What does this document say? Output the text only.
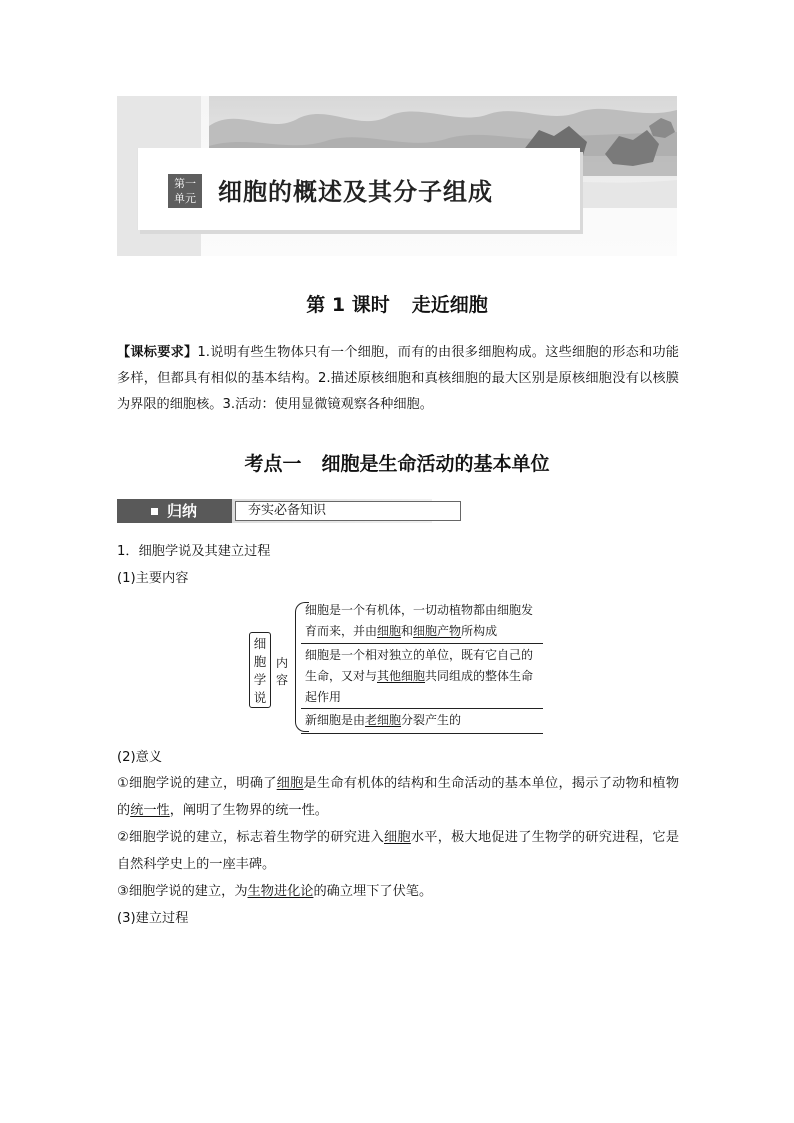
第一
单元 细胞的概述及其分子组成
第 1 课时 走近细胞
【课标要求】1.说明有些生物体只有一个细胞，而有的由很多细胞构成。这些细胞的形态和功能多样，但都具有相似的基本结构。2.描述原核细胞和真核细胞的最大区别是原核细胞没有以核膜为界限的细胞核。3.活动：使用显微镜观察各种细胞。
考点一 细胞是生命活动的基本单位
归纳	夯实必备知识
1．细胞学说及其建立过程
(1)主要内容
细
胞
学
说
内容
细胞是一个有机体，一切动植物都由细胞发育而来，并由细胞和细胞产物所构成
细胞是一个相对独立的单位，既有它自己的生命，又对与其他细胞共同组成的整体生命起作用
新细胞是由老细胞分裂产生的
(2)意义
①细胞学说的建立，明确了细胞是生命有机体的结构和生命活动的基本单位，揭示了动物和植物的统一性，阐明了生物界的统一性。
②细胞学说的建立，标志着生物学的研究进入细胞水平，极大地促进了生物学的研究进程，它是自然科学史上的一座丰碑。
③细胞学说的建立，为生物进化论的确立埋下了伏笔。
(3)建立过程
